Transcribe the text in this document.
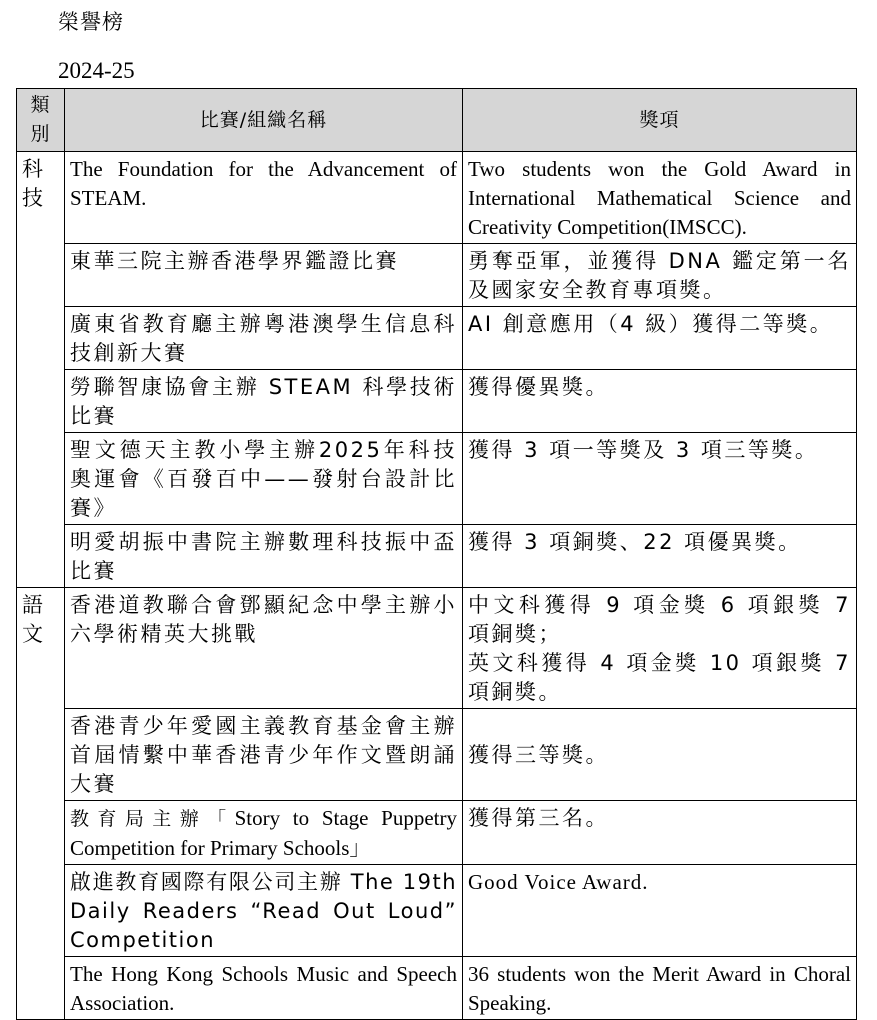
榮譽榜
2024-25
類別	比賽/組織名稱	獎項
科技	The Foundation for the Advancement of STEAM.	Two students won the Gold Award in International Mathematical Science and Creativity Competition(IMSCC).
	東華三院主辦香港學界鑑證比賽	勇奪亞軍，並獲得 DNA 鑑定第一名及國家安全教育專項獎。
	廣東省教育廳主辦粵港澳學生信息科技創新大賽	AI 創意應用（4 級）獲得二等獎。
	勞聯智康協會主辦 STEAM 科學技術比賽	獲得優異獎。
	聖文德天主教小學主辦2025年科技奧運會《百發百中——發射台設計比賽》	獲得 3 項一等獎及 3 項三等獎。
	明愛胡振中書院主辦數理科技振中盃比賽	獲得 3 項銅獎、22 項優異獎。
語文	香港道教聯合會鄧顯紀念中學主辦小六學術精英大挑戰	中文科獲得 9 項金獎 6 項銀獎 7 項銅獎；
英文科獲得 4 項金獎 10 項銀獎 7 項銅獎。

	香港青少年愛國主義教育基金會主辦首屆情繫中華香港青少年作文暨朗誦大賽	獲得三等獎。
	教育局主辦「Story to Stage Puppetry Competition for Primary Schools」	獲得第三名。
	啟進教育國際有限公司主辦 The 19th Daily Readers “Read Out Loud” Competition	Good Voice Award.
	The Hong Kong Schools Music and Speech Association.	36 students won the Merit Award in Choral Speaking.
